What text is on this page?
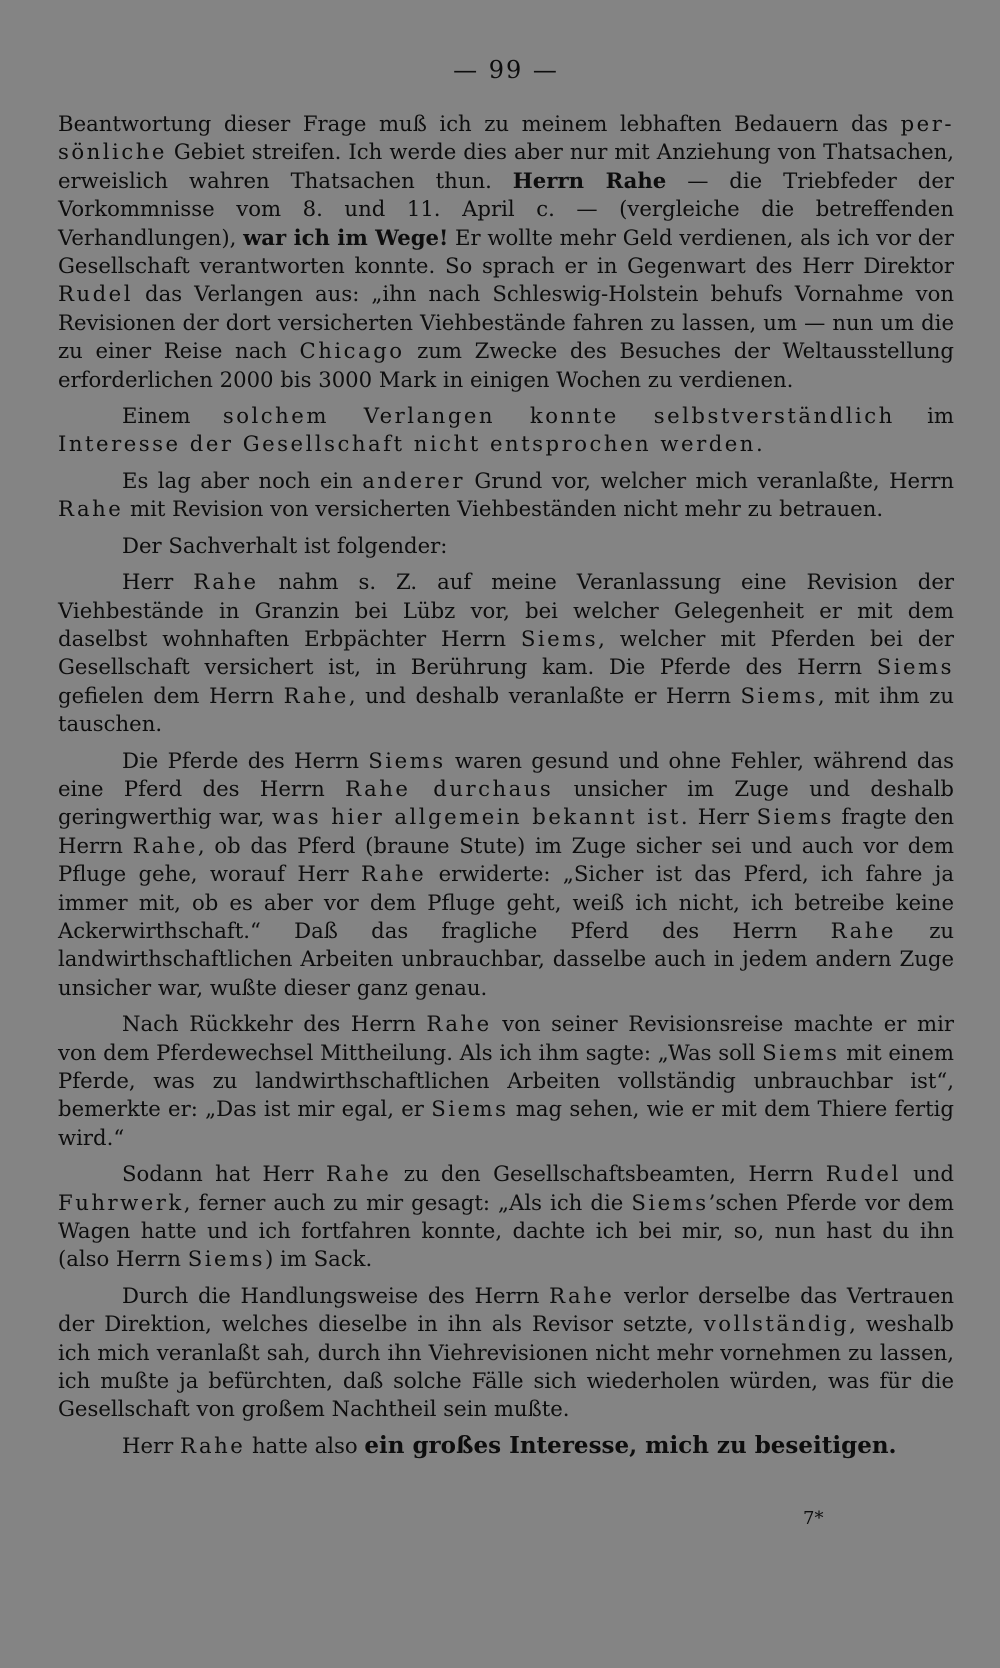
— 99 —

Beantwortung dieser Frage muß ich zu meinem lebhaften Bedauern das per-sönliche Gebiet streifen. Ich werde dies aber nur mit Anziehung von Thatsachen, erweislich wahren Thatsachen thun. Herrn Rahe — die Triebfeder der Vorkommnisse vom 8. und 11. April c. — (vergleiche die betreffenden Verhandlungen), war ich im Wege! Er wollte mehr Geld verdienen, als ich vor der Gesellschaft verantworten konnte. So sprach er in Gegenwart des Herr Direktor Rudel das Verlangen aus: „ihn nach Schleswig-Holstein behufs Vornahme von Revisionen der dort versicherten Viehbestände fahren zu lassen, um — nun um die zu einer Reise nach Chicago zum Zwecke des Besuches der Weltausstellung erforderlichen 2000 bis 3000 Mark in einigen Wochen zu verdienen.

Einem solchem Verlangen konnte selbstverständlich im Interesse der Gesellschaft nicht entsprochen werden.

Es lag aber noch ein anderer Grund vor, welcher mich veranlaßte, Herrn Rahe mit Revision von versicherten Viehbeständen nicht mehr zu betrauen.

Der Sachverhalt ist folgender:

Herr Rahe nahm s. Z. auf meine Veranlassung eine Revision der Viehbestände in Granzin bei Lübz vor, bei welcher Gelegenheit er mit dem daselbst wohnhaften Erbpächter Herrn Siems, welcher mit Pferden bei der Gesellschaft versichert ist, in Berührung kam. Die Pferde des Herrn Siems gefielen dem Herrn Rahe, und deshalb veranlaßte er Herrn Siems, mit ihm zu tauschen.

Die Pferde des Herrn Siems waren gesund und ohne Fehler, während das eine Pferd des Herrn Rahe durchaus unsicher im Zuge und deshalb geringwerthig war, was hier allgemein bekannt ist. Herr Siems fragte den Herrn Rahe, ob das Pferd (braune Stute) im Zuge sicher sei und auch vor dem Pfluge gehe, worauf Herr Rahe erwiderte: „Sicher ist das Pferd, ich fahre ja immer mit, ob es aber vor dem Pfluge geht, weiß ich nicht, ich betreibe keine Ackerwirthschaft.“ Daß das fragliche Pferd des Herrn Rahe zu landwirthschaftlichen Arbeiten unbrauchbar, dasselbe auch in jedem andern Zuge unsicher war, wußte dieser ganz genau.

Nach Rückkehr des Herrn Rahe von seiner Revisionsreise machte er mir von dem Pferdewechsel Mittheilung. Als ich ihm sagte: „Was soll Siems mit einem Pferde, was zu landwirthschaftlichen Arbeiten vollständig unbrauchbar ist“, bemerkte er: „Das ist mir egal, er Siems mag sehen, wie er mit dem Thiere fertig wird.“

Sodann hat Herr Rahe zu den Gesellschaftsbeamten, Herrn Rudel und Fuhrwerk, ferner auch zu mir gesagt: „Als ich die Siems’schen Pferde vor dem Wagen hatte und ich fortfahren konnte, dachte ich bei mir, so, nun hast du ihn (also Herrn Siems) im Sack.

Durch die Handlungsweise des Herrn Rahe verlor derselbe das Vertrauen der Direktion, welches dieselbe in ihn als Revisor setzte, vollständig, weshalb ich mich veranlaßt sah, durch ihn Viehrevisionen nicht mehr vornehmen zu lassen, ich mußte ja befürchten, daß solche Fälle sich wiederholen würden, was für die Gesellschaft von großem Nachtheil sein mußte.

Herr Rahe hatte also ein großes Interesse, mich zu beseitigen.

7*
